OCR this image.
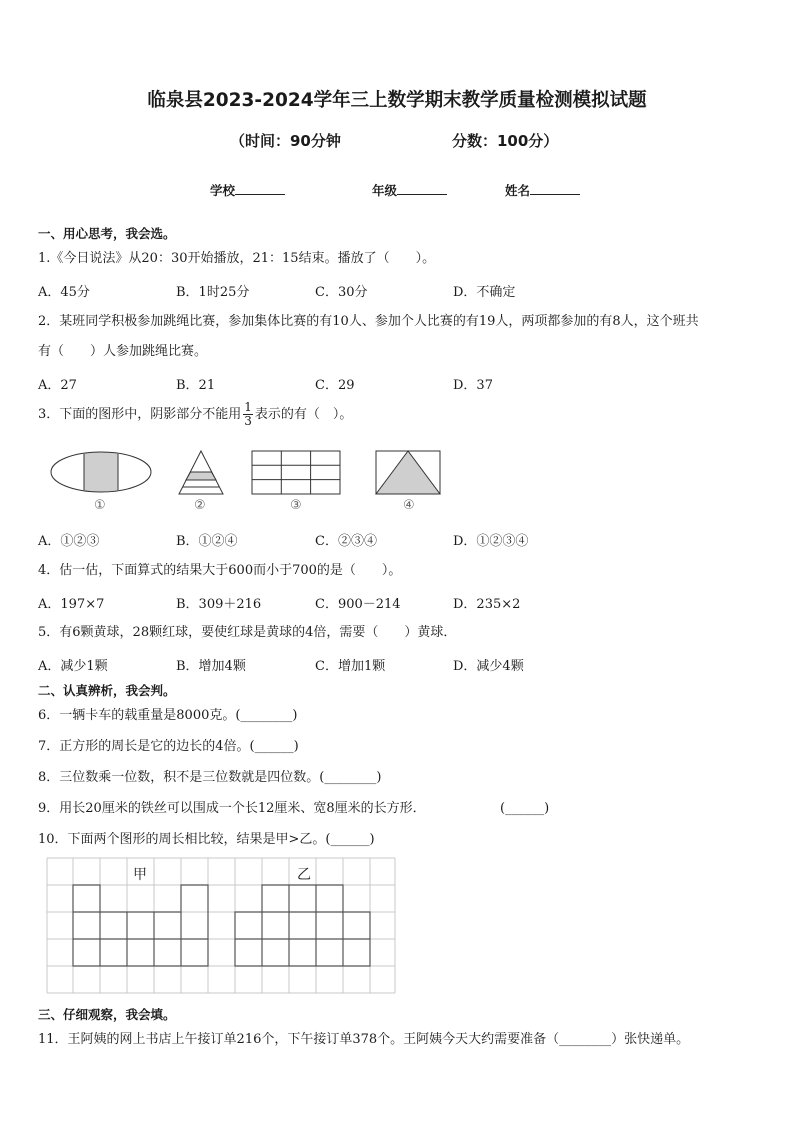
临泉县2023-2024学年三上数学期末教学质量检测模拟试题
（时间：90分钟	分数：100分）
学校	年级	姓名
一、用心思考，我会选。
1.《今日说法》从20：30开始播放，21：15结束。播放了（　　）。
A．45分	B．1时25分	C．30分	D．不确定
2．某班同学积极参加跳绳比赛，参加集体比赛的有10人、参加个人比赛的有19人，两项都参加的有8人，这个班共
有（　　）人参加跳绳比赛。
A．27	B．21	C．29	D．37
3．下面的图形中，阴影部分不能用 $\frac{1}{3}$ 表示的有（　）。
①	②	③	④
A．①②③	B．①②④	C．②③④	D．①②③④
4．估一估，下面算式的结果大于600而小于700的是（　　）。
A．197×7	B．309＋216	C．900－214	D．235×2
5．有6颗黄球，28颗红球，要使红球是黄球的4倍，需要（　　）黄球．
A．减少1颗	B．增加4颗	C．增加1颗	D．减少4颗
二、认真辨析，我会判。
6．一辆卡车的载重量是8000克。(________)
7．正方形的周长是它的边长的4倍。(______)
8．三位数乘一位数，积不是三位数就是四位数。(________)
9．用长20厘米的铁丝可以围成一个长12厘米、宽8厘米的长方形．	(______)
10．下面两个图形的周长相比较，结果是甲>乙。(______)
甲	乙
三、仔细观察，我会填。
11．王阿姨的网上书店上午接订单216个，下午接订单378个。王阿姨今天大约需要准备（________）张快递单。
